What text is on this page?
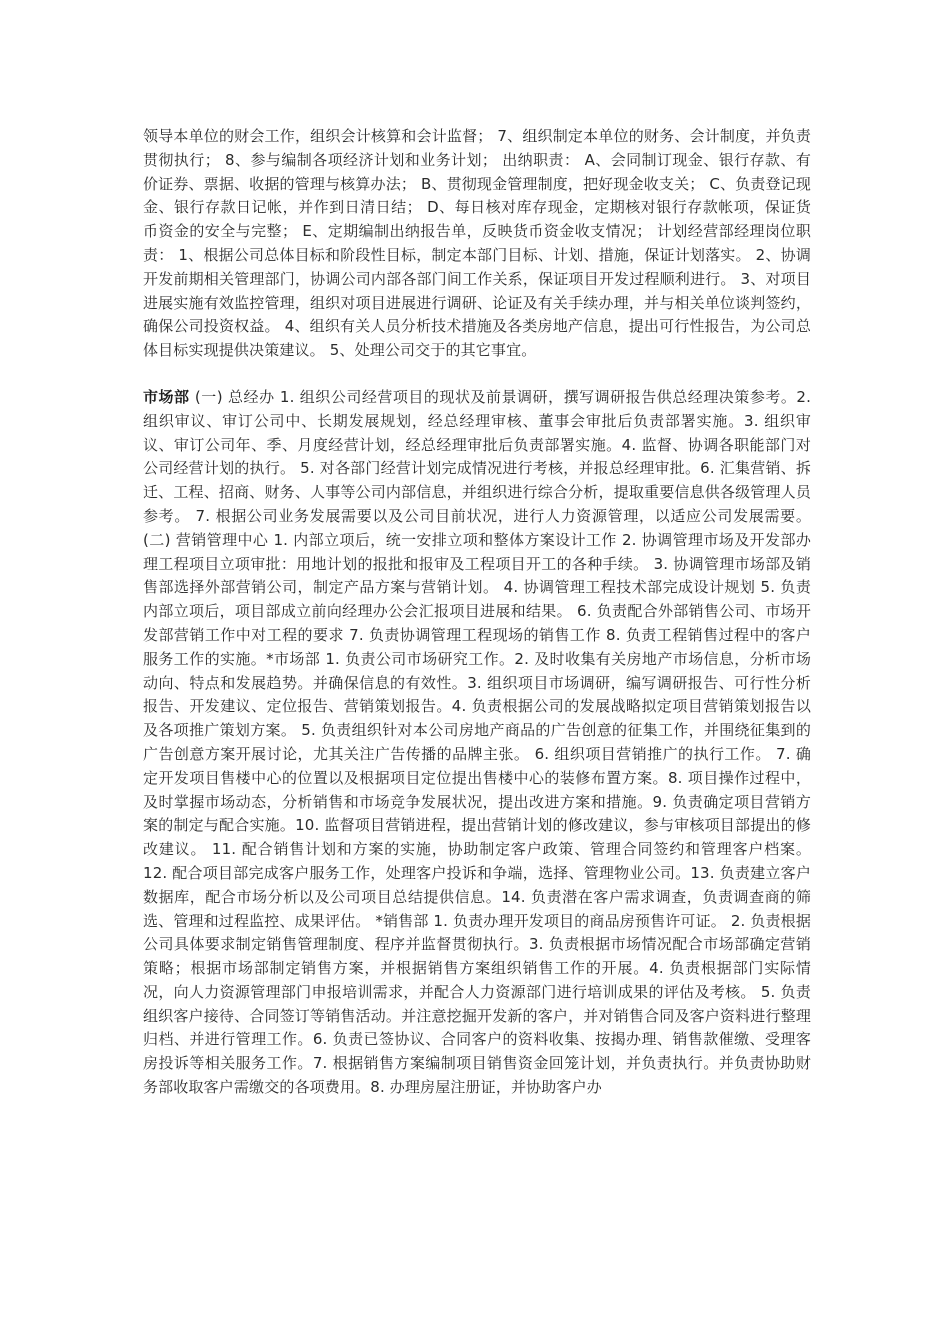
领导本单位的财会工作，组织会计核算和会计监督； 7、组织制定本单位的财务、会计制度，并负责贯彻执行； 8、参与编制各项经济计划和业务计划； 出纳职责： A、会同制订现金、银行存款、有价证券、票据、收据的管理与核算办法； B、贯彻现金管理制度，把好现金收支关； C、负责登记现金、银行存款日记帐，并作到日清日结； D、每日核对库存现金，定期核对银行存款帐项，保证货币资金的安全与完整； E、定期编制出纳报告单，反映货币资金收支情况； 计划经营部经理岗位职责： 1、根据公司总体目标和阶段性目标，制定本部门目标、计划、措施，保证计划落实。 2、协调开发前期相关管理部门，协调公司内部各部门间工作关系，保证项目开发过程顺利进行。 3、对项目进展实施有效监控管理，组织对项目进展进行调研、论证及有关手续办理，并与相关单位谈判签约，确保公司投资权益。 4、组织有关人员分析技术措施及各类房地产信息，提出可行性报告，为公司总体目标实现提供决策建议。 5、处理公司交于的其它事宜。

市场部 (一) 总经办 1. 组织公司经营项目的现状及前景调研，撰写调研报告供总经理决策参考。2. 组织审议、审订公司中、长期发展规划，经总经理审核、董事会审批后负责部署实施。3. 组织审议、审订公司年、季、月度经营计划，经总经理审批后负责部署实施。4. 监督、协调各职能部门对公司经营计划的执行。 5. 对各部门经营计划完成情况进行考核，并报总经理审批。6. 汇集营销、拆迁、工程、招商、财务、人事等公司内部信息，并组织进行综合分析，提取重要信息供各级管理人员参考。 7. 根据公司业务发展需要以及公司目前状况，进行人力资源管理，以适应公司发展需要。 (二) 营销管理中心 1. 内部立项后，统一安排立项和整体方案设计工作 2. 协调管理市场及开发部办理工程项目立项审批：用地计划的报批和报审及工程项目开工的各种手续。 3. 协调管理市场部及销售部选择外部营销公司，制定产品方案与营销计划。 4. 协调管理工程技术部完成设计规划 5. 负责内部立项后，项目部成立前向经理办公会汇报项目进展和结果。 6. 负责配合外部销售公司、市场开发部营销工作中对工程的要求 7. 负责协调管理工程现场的销售工作 8. 负责工程销售过程中的客户服务工作的实施。*市场部 1. 负责公司市场研究工作。2. 及时收集有关房地产市场信息，分析市场动向、特点和发展趋势。并确保信息的有效性。3. 组织项目市场调研，编写调研报告、可行性分析报告、开发建议、定位报告、营销策划报告。4. 负责根据公司的发展战略拟定项目营销策划报告以及各项推广策划方案。 5. 负责组织针对本公司房地产商品的广告创意的征集工作，并围绕征集到的广告创意方案开展讨论，尤其关注广告传播的品牌主张。 6. 组织项目营销推广的执行工作。 7. 确定开发项目售楼中心的位置以及根据项目定位提出售楼中心的装修布置方案。8. 项目操作过程中，及时掌握市场动态，分析销售和市场竞争发展状况，提出改进方案和措施。9. 负责确定项目营销方案的制定与配合实施。10. 监督项目营销进程，提出营销计划的修改建议，参与审核项目部提出的修改建议。 11. 配合销售计划和方案的实施，协助制定客户政策、管理合同签约和管理客户档案。 12. 配合项目部完成客户服务工作，处理客户投诉和争端，选择、管理物业公司。13. 负责建立客户数据库，配合市场分析以及公司项目总结提供信息。14. 负责潜在客户需求调查，负责调查商的筛选、管理和过程监控、成果评估。 *销售部 1. 负责办理开发项目的商品房预售许可证。 2. 负责根据公司具体要求制定销售管理制度、程序并监督贯彻执行。3. 负责根据市场情况配合市场部确定营销策略；根据市场部制定销售方案，并根据销售方案组织销售工作的开展。4. 负责根据部门实际情况，向人力资源管理部门申报培训需求，并配合人力资源部门进行培训成果的评估及考核。 5. 负责组织客户接待、合同签订等销售活动。并注意挖掘开发新的客户，并对销售合同及客户资料进行整理归档、并进行管理工作。6. 负责已签协议、合同客户的资料收集、按揭办理、销售款催缴、受理客房投诉等相关服务工作。7. 根据销售方案编制项目销售资金回笼计划，并负责执行。并负责协助财务部收取客户需缴交的各项费用。8. 办理房屋注册证，并协助客户办
